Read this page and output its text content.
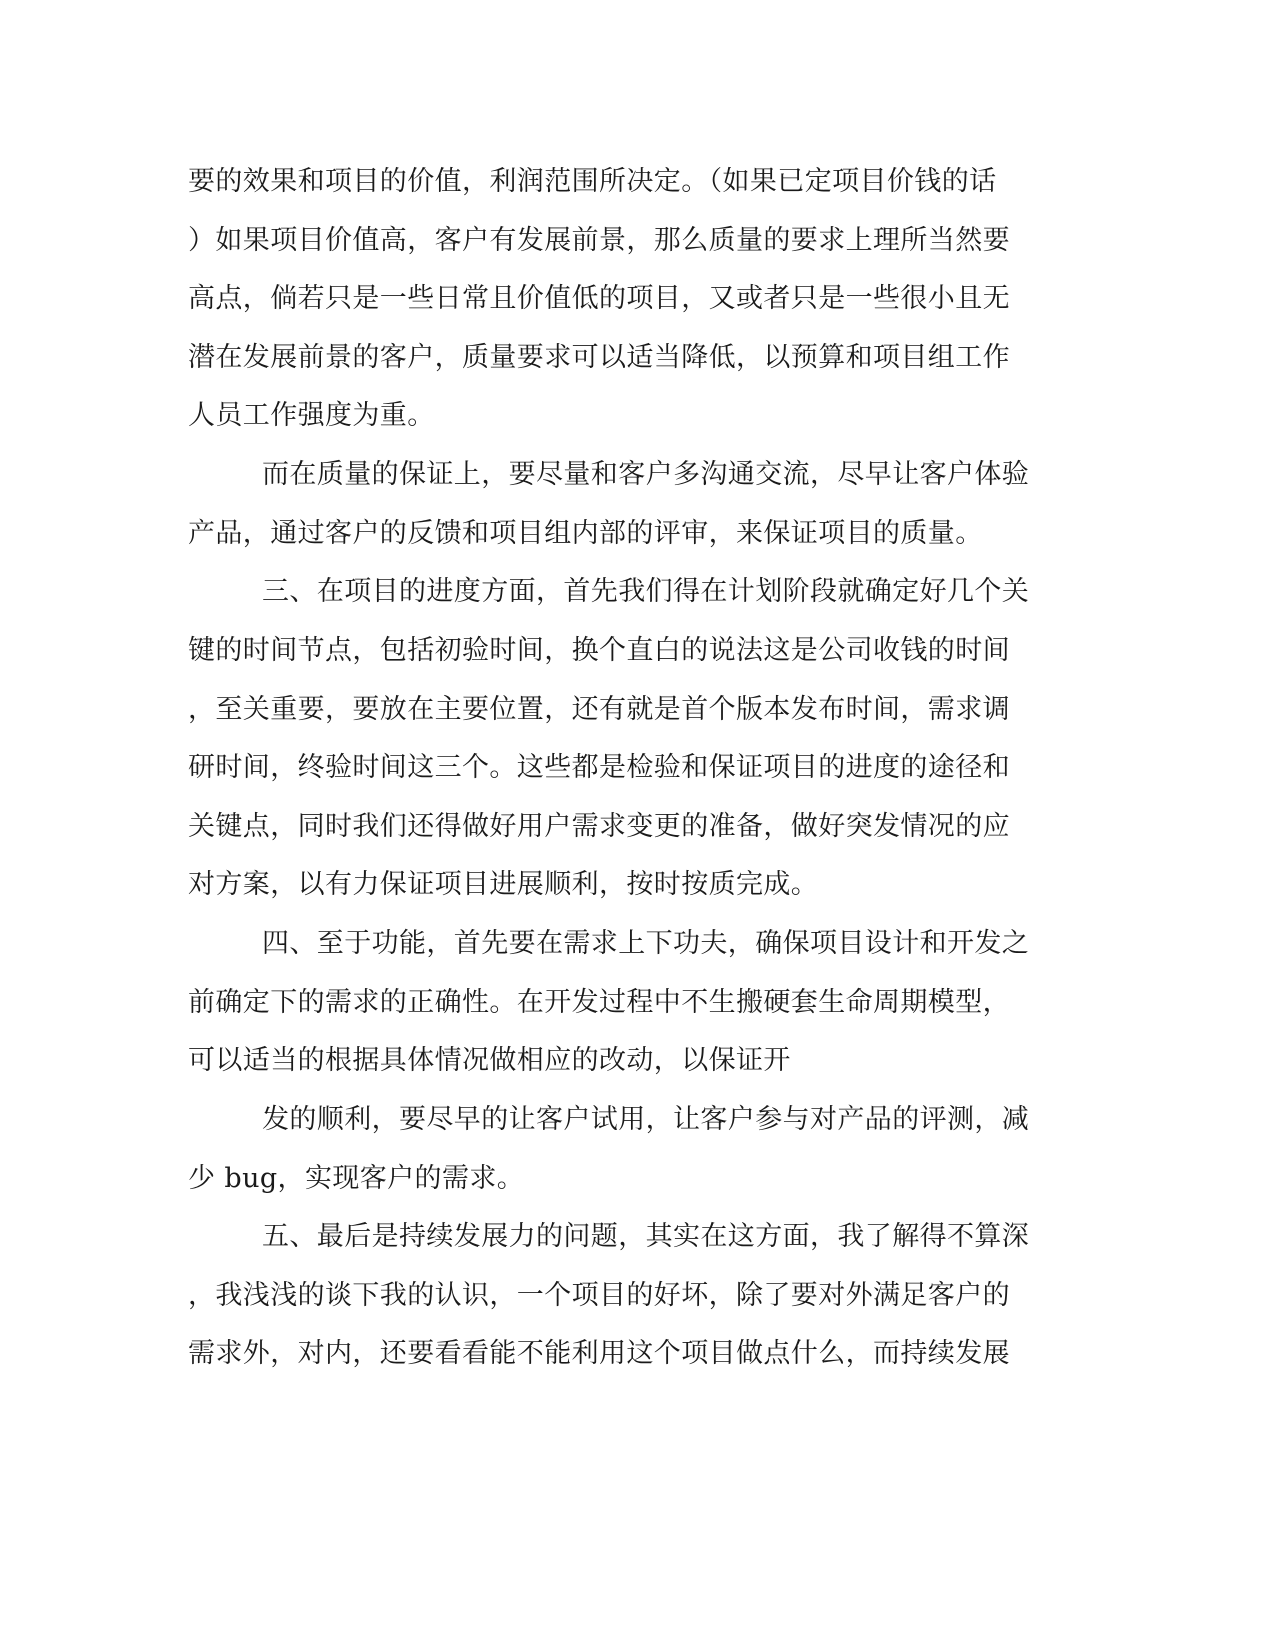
要的效果和项目的价值，利润范围所决定。（如果已定项目价钱的话

）如果项目价值高，客户有发展前景，那么质量的要求上理所当然要

高点，倘若只是一些日常且价值低的项目，又或者只是一些很小且无

潜在发展前景的客户，质量要求可以适当降低，以预算和项目组工作

人员工作强度为重。

而在质量的保证上，要尽量和客户多沟通交流，尽早让客户体验

产品，通过客户的反馈和项目组内部的评审，来保证项目的质量。

三、在项目的进度方面，首先我们得在计划阶段就确定好几个关

键的时间节点，包括初验时间，换个直白的说法这是公司收钱的时间

，至关重要，要放在主要位置，还有就是首个版本发布时间，需求调

研时间，终验时间这三个。这些都是检验和保证项目的进度的途径和

关键点，同时我们还得做好用户需求变更的准备，做好突发情况的应

对方案，以有力保证项目进展顺利，按时按质完成。

四、至于功能，首先要在需求上下功夫，确保项目设计和开发之

前确定下的需求的正确性。在开发过程中不生搬硬套生命周期模型，

可以适当的根据具体情况做相应的改动，以保证开

发的顺利，要尽早的让客户试用，让客户参与对产品的评测，减

少 bug，实现客户的需求。

五、最后是持续发展力的问题，其实在这方面，我了解得不算深

，我浅浅的谈下我的认识，一个项目的好坏，除了要对外满足客户的

需求外，对内，还要看看能不能利用这个项目做点什么，而持续发展
